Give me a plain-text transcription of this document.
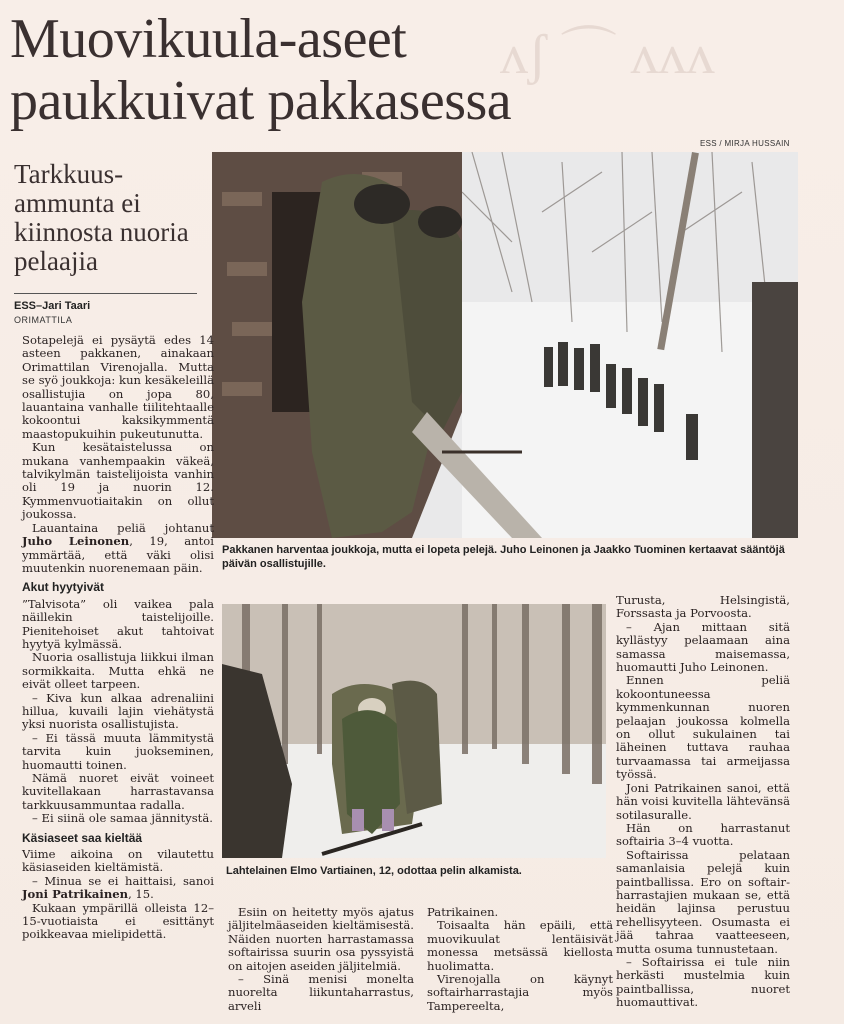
ʌʃ ⌒ ʌʌʌ
Muovikuula-aseet
paukkuivat pakkasessa
ESS / MIRJA HUSSAIN
Tarkkuus-ammunta ei kiinnosta nuoria pelaajia
ESS–Jari Taari
ORIMATTILA
Pakkanen harventaa joukkoja, mutta ei lopeta pelejä. Juho Leinonen ja Jaakko Tuominen kertaavat sääntöjä päivän osallistujille.
Lahtelainen Elmo Vartiainen, 12, odottaa pelin alkamista.

Sotapelejä ei pysäytä edes 14 asteen pakkanen, ainakaan Orimattilan Virenojalla. Mutta se syö joukkoja: kun kesäkeleillä osallistujia on jopa 80, lauantaina vanhalle tiilitehtaalle kokoontui kaksikymmentä maastopukuihin pukeutunutta.

Kun kesätaistelussa on mukana vanhempaakin väkeä, talvikylmän taistelijoista vanhin oli 19 ja nuorin 12. Kymmenvuotiaitakin on ollut joukossa.

Lauantaina peliä johtanut Juho Leinonen, 19, antoi ymmärtää, että väki olisi muutenkin nuorenemaan päin.

Akut hyytyivät

”Talvisota” oli vaikea pala näillekin taistelijoille. Pienitehoiset akut tahtoivat hyytyä kylmässä.

Nuoria osallistuja liikkui ilman sormikkaita. Mutta ehkä ne eivät olleet tarpeen.

– Kiva kun alkaa adrenaliini hillua, kuvaili lajin viehätystä yksi nuorista osallistujista.

– Ei tässä muuta lämmitystä tarvita kuin juokseminen, huomautti toinen.

Nämä nuoret eivät voineet kuvitellakaan harrastavansa tarkkuusammuntaa radalla.

– Ei siinä ole samaa jännitystä.

Käsiaseet saa kieltää

Viime aikoina on vilautettu käsiaseiden kieltämistä.

– Minua se ei haittaisi, sanoi Joni Patrikainen, 15.

Kukaan ympärillä olleista 12–15-vuotiaista ei esittänyt poikkeavaa mielipidettä.

Esiin on heitetty myös ajatus jäljitelmäaseiden kieltämisestä. Näiden nuorten harrastamassa softairissa suurin osa pyssyistä on aitojen aseiden jäljitelmiä.

– Sinä menisi monelta nuorelta liikuntaharrastus, arveli

Patrikainen.

Toisaalta hän epäili, että muovikuulat lentäisivät monessa metsässä kiellosta huolimatta.

Virenojalla on käynyt softairharrastajia myös Tampereelta,

Turusta, Helsingistä, Forssasta ja Porvoosta.

– Ajan mittaan sitä kyllästyy pelaamaan aina samassa maisemassa, huomautti Juho Leinonen.

Ennen peliä kokoontuneessa kymmenkunnan nuoren pelaajan joukossa kolmella on ollut sukulainen tai läheinen tuttava rauhaa turvaamassa tai armeijassa työssä.

Joni Patrikainen sanoi, että hän voisi kuvitella lähtevänsä sotilasuralle.

Hän on harrastanut softairia 3–4 vuotta.

Softairissa pelataan samanlaisia pelejä kuin paintballissa. Ero on softair-harrastajien mukaan se, että heidän lajinsa perustuu rehellisyyteen. Osumasta ei jää tahraa vaatteeseen, mutta osuma tunnustetaan.

– Softairissa ei tule niin herkästi mustelmia kuin paintballissa, nuoret huomauttivat.
